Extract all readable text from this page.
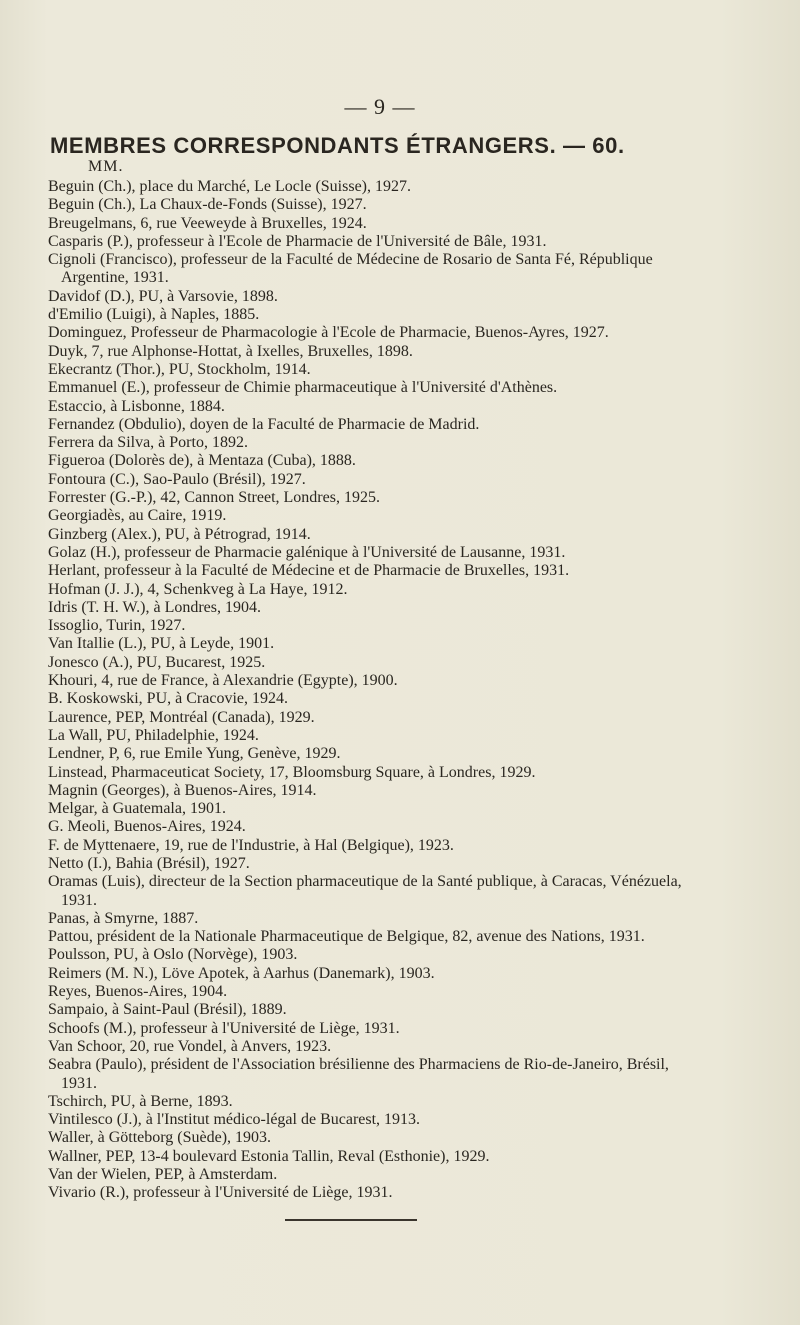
— 9 —
MEMBRES CORRESPONDANTS ÉTRANGERS. — 60.
MM.
Beguin (Ch.), place du Marché, Le Locle (Suisse), 1927.
Beguin (Ch.), La Chaux-de-Fonds (Suisse), 1927.
Breugelmans, 6, rue Veeweyde à Bruxelles, 1924.
Casparis (P.), professeur à l'Ecole de Pharmacie de l'Université de Bâle, 1931.
Cignoli (Francisco), professeur de la Faculté de Médecine de Rosario de Santa Fé, République Argentine, 1931.
Davidof (D.), PU, à Varsovie, 1898.
d'Emilio (Luigi), à Naples, 1885.
Dominguez, Professeur de Pharmacologie à l'Ecole de Pharmacie, Buenos-Ayres, 1927.
Duyk, 7, rue Alphonse-Hottat, à Ixelles, Bruxelles, 1898.
Ekecrantz (Thor.), PU, Stockholm, 1914.
Emmanuel (E.), professeur de Chimie pharmaceutique à l'Université d'Athènes.
Estaccio, à Lisbonne, 1884.
Fernandez (Obdulio), doyen de la Faculté de Pharmacie de Madrid.
Ferrera da Silva, à Porto, 1892.
Figueroa (Dolorès de), à Mentaza (Cuba), 1888.
Fontoura (C.), Sao-Paulo (Brésil), 1927.
Forrester (G.-P.), 42, Cannon Street, Londres, 1925.
Georgiadès, au Caire, 1919.
Ginzberg (Alex.), PU, à Pétrograd, 1914.
Golaz (H.), professeur de Pharmacie galénique à l'Université de Lausanne, 1931.
Herlant, professeur à la Faculté de Médecine et de Pharmacie de Bruxelles, 1931.
Hofman (J. J.), 4, Schenkveg à La Haye, 1912.
Idris (T. H. W.), à Londres, 1904.
Issoglio, Turin, 1927.
Van Itallie (L.), PU, à Leyde, 1901.
Jonesco (A.), PU, Bucarest, 1925.
Khouri, 4, rue de France, à Alexandrie (Egypte), 1900.
B. Koskowski, PU, à Cracovie, 1924.
Laurence, PEP, Montréal (Canada), 1929.
La Wall, PU, Philadelphie, 1924.
Lendner, P, 6, rue Emile Yung, Genève, 1929.
Linstead, Pharmaceuticat Society, 17, Bloomsburg Square, à Londres, 1929.
Magnin (Georges), à Buenos-Aires, 1914.
Melgar, à Guatemala, 1901.
G. Meoli, Buenos-Aires, 1924.
F. de Myttenaere, 19, rue de l'Industrie, à Hal (Belgique), 1923.
Netto (I.), Bahia (Brésil), 1927.
Oramas (Luis), directeur de la Section pharmaceutique de la Santé publique, à Caracas, Vénézuela, 1931.
Panas, à Smyrne, 1887.
Pattou, président de la Nationale Pharmaceutique de Belgique, 82, avenue des Nations, 1931.
Poulsson, PU, à Oslo (Norvège), 1903.
Reimers (M. N.), Löve Apotek, à Aarhus (Danemark), 1903.
Reyes, Buenos-Aires, 1904.
Sampaio, à Saint-Paul (Brésil), 1889.
Schoofs (M.), professeur à l'Université de Liège, 1931.
Van Schoor, 20, rue Vondel, à Anvers, 1923.
Seabra (Paulo), président de l'Association brésilienne des Pharmaciens de Rio-de-Janeiro, Brésil, 1931.
Tschirch, PU, à Berne, 1893.
Vintilesco (J.), à l'Institut médico-légal de Bucarest, 1913.
Waller, à Götteborg (Suède), 1903.
Wallner, PEP, 13-4 boulevard Estonia Tallin, Reval (Esthonie), 1929.
Van der Wielen, PEP, à Amsterdam.
Vivario (R.), professeur à l'Université de Liège, 1931.
